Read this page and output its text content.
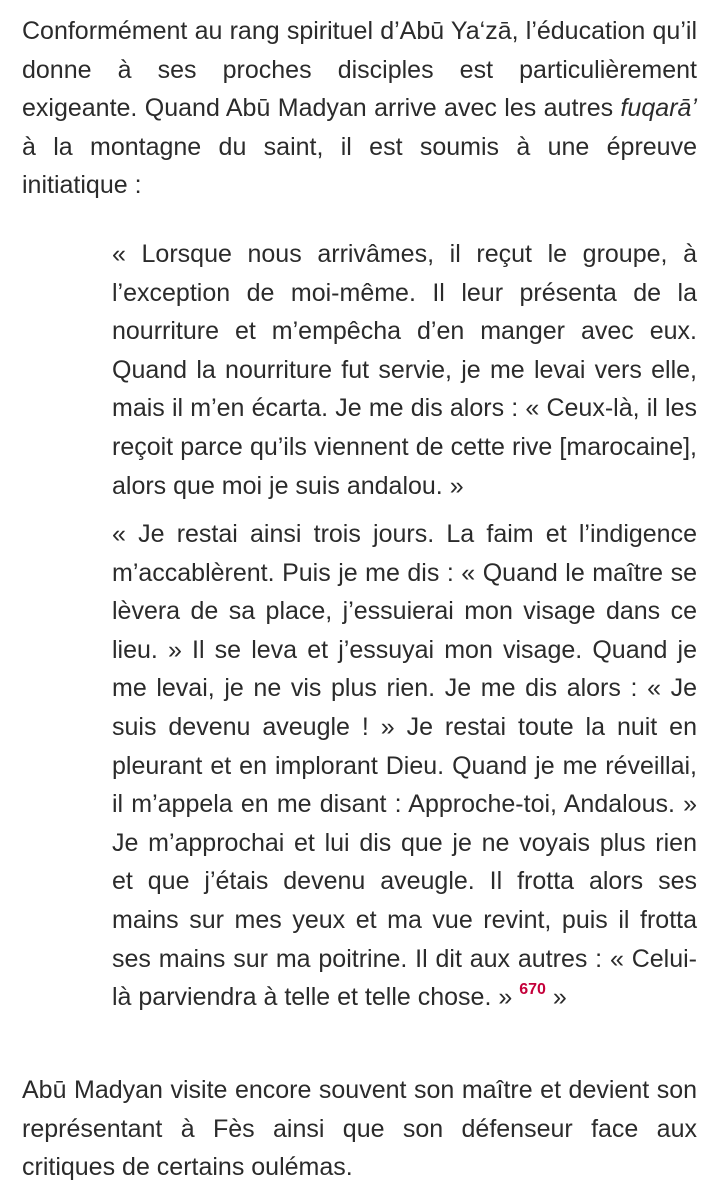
Conformément au rang spirituel d’Abū Ya‘zā, l’éducation qu’il donne à ses proches disciples est particulièrement exigeante. Quand Abū Madyan arrive avec les autres fuqarā’ à la montagne du saint, il est soumis à une épreuve initiatique :

« Lorsque nous arrivâmes, il reçut le groupe, à l’exception de moi-même. Il leur présenta de la nourriture et m’empêcha d’en manger avec eux. Quand la nourriture fut servie, je me levai vers elle, mais il m’en écarta. Je me dis alors : « Ceux-là, il les reçoit parce qu’ils viennent de cette rive [marocaine], alors que moi je suis andalou. »

« Je restai ainsi trois jours. La faim et l’indigence m’accablèrent. Puis je me dis : « Quand le maître se lèvera de sa place, j’essuierai mon visage dans ce lieu. » Il se leva et j’essuyai mon visage. Quand je me levai, je ne vis plus rien. Je me dis alors : « Je suis devenu aveugle ! » Je restai toute la nuit en pleurant et en implorant Dieu. Quand je me réveillai, il m’appela en me disant : Approche-toi, Andalous. » Je m’approchai et lui dis que je ne voyais plus rien et que j’étais devenu aveugle. Il frotta alors ses mains sur mes yeux et ma vue revint, puis il frotta ses mains sur ma poitrine. Il dit aux autres : « Celui-là parviendra à telle et telle chose. » $^{670}$ »

Abū Madyan visite encore souvent son maître et devient son représentant à Fès ainsi que son défenseur face aux critiques de certains oulémas.
